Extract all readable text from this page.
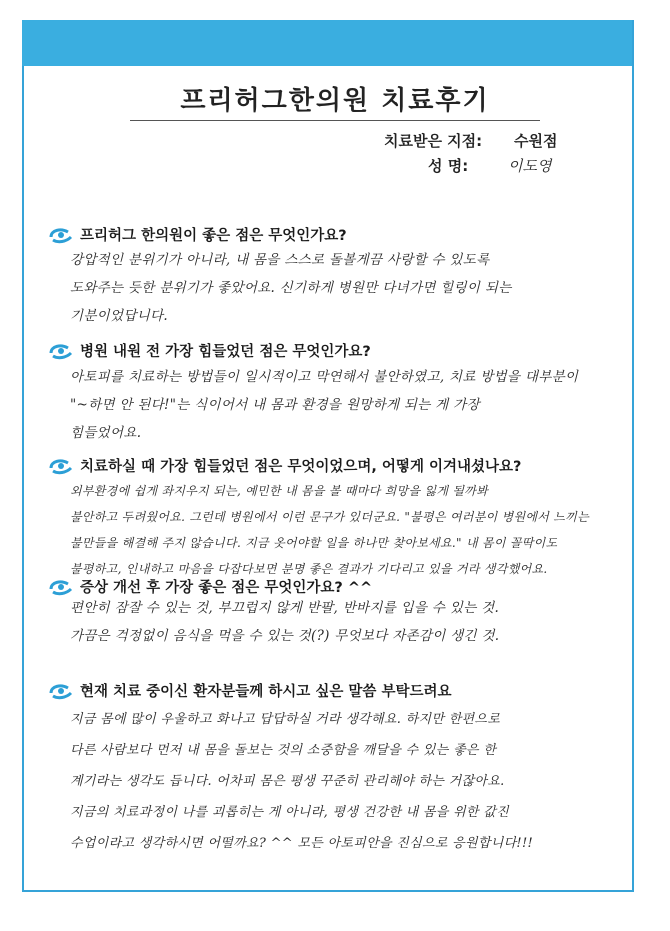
프리허그한의원 치료후기
치료받은 지점: 수원점
성 명:	이도영
프리허그 한의원이 좋은 점은 무엇인가요?
강압적인 분위기가 아니라, 내 몸을 스스로 돌볼게끔 사랑할 수 있도록
도와주는 듯한 분위기가 좋았어요. 신기하게 병원만 다녀가면 힐링이 되는
기분이었답니다.
병원 내원 전 가장 힘들었던 점은 무엇인가요?
아토피를 치료하는 방법들이 일시적이고 막연해서 불안하였고, 치료 방법을 대부분이
"~하면 안 된다!"는 식이어서 내 몸과 환경을 원망하게 되는 게 가장
힘들었어요.
치료하실 때 가장 힘들었던 점은 무엇이었으며, 어떻게 이겨내셨나요?
외부환경에 쉽게 좌지우지 되는, 예민한 내 몸을 볼 때마다 희망을 잃게 될까봐
불안하고 두려웠어요. 그런데 병원에서 이런 문구가 있더군요. "불평은 여러분이 병원에서 느끼는
불만들을 해결해 주지 않습니다. 지금 옷어야할 일을 하나만 찾아보세요." 내 몸이 꼴딱이도
불평하고, 인내하고 마음을 다잡다보면 분명 좋은 결과가 기다리고 있을 거라 생각했어요.
증상 개선 후 가장 좋은 점은 무엇인가요? ^^
편안히 잠잘 수 있는 것, 부끄럽지 않게 반팔, 반바지를 입을 수 있는 것.
가끔은 걱정없이 음식을 먹을 수 있는 것(?) 무엇보다 자존감이 생긴 것.
현재 치료 중이신 환자분들께 하시고 싶은 말씀 부탁드려요
지금 몸에 많이 우울하고 화나고 답답하실 거라 생각해요. 하지만 한편으로
다른 사람보다 먼저 내 몸을 돌보는 것의 소중함을 깨달을 수 있는 좋은 한
계기라는 생각도 듭니다. 어차피 몸은 평생 꾸준히 관리해야 하는 거잖아요.
지금의 치료과정이 나를 괴롭히는 게 아니라, 평생 건강한 내 몸을 위한 값진
수업이라고 생각하시면 어떨까요? ^^ 모든 아토피안을 진심으로 응원합니다!!!
